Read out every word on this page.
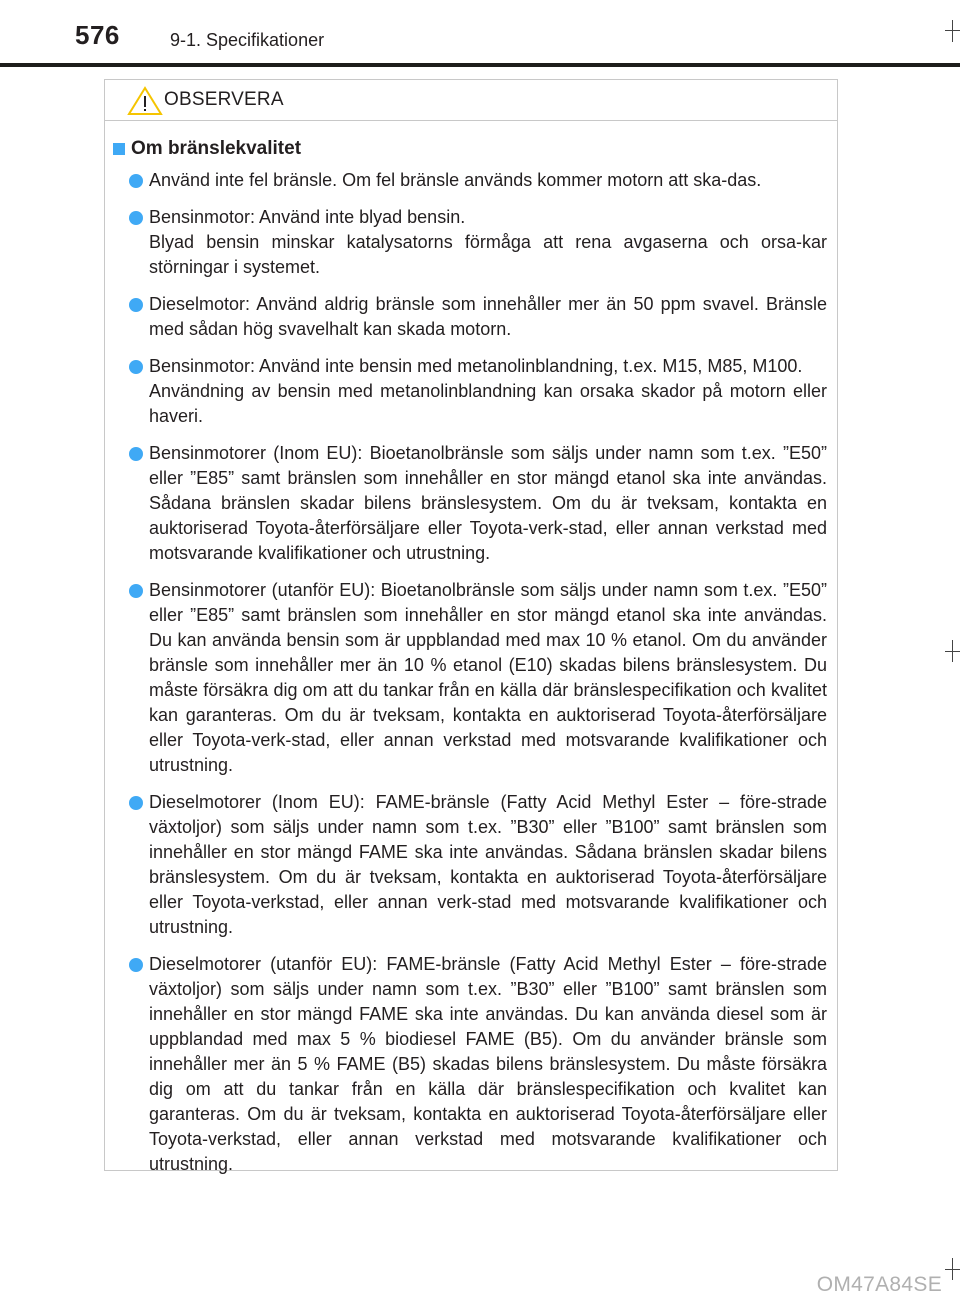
576	9-1. Specifikationer
OBSERVERA
Om bränslekvalitet
Använd inte fel bränsle. Om fel bränsle används kommer motorn att ska-das.
Bensinmotor: Använd inte blyad bensin.
Blyad bensin minskar katalysatorns förmåga att rena avgaserna och orsa-kar störningar i systemet.
Dieselmotor: Använd aldrig bränsle som innehåller mer än 50 ppm svavel. Bränsle med sådan hög svavelhalt kan skada motorn.
Bensinmotor: Använd inte bensin med metanolinblandning, t.ex. M15, M85, M100.
Användning av bensin med metanolinblandning kan orsaka skador på motorn eller haveri.
Bensinmotorer (Inom EU): Bioetanolbränsle som säljs under namn som t.ex. ”E50” eller ”E85” samt bränslen som innehåller en stor mängd etanol ska inte användas. Sådana bränslen skadar bilens bränslesystem. Om du är tveksam, kontakta en auktoriserad Toyota-återförsäljare eller Toyota-verk-stad, eller annan verkstad med motsvarande kvalifikationer och utrustning.
Bensinmotorer (utanför EU): Bioetanolbränsle som säljs under namn som t.ex. ”E50” eller ”E85” samt bränslen som innehåller en stor mängd etanol ska inte användas. Du kan använda bensin som är uppblandad med max 10 % etanol. Om du använder bränsle som innehåller mer än 10 % etanol (E10) skadas bilens bränslesystem. Du måste försäkra dig om att du tankar från en källa där bränslespecifikation och kvalitet kan garanteras. Om du är tveksam, kontakta en auktoriserad Toyota-återförsäljare eller Toyota-verk-stad, eller annan verkstad med motsvarande kvalifikationer och utrustning.
Dieselmotorer (Inom EU): FAME-bränsle (Fatty Acid Methyl Ester – före-strade växtoljor) som säljs under namn som t.ex. ”B30” eller ”B100” samt bränslen som innehåller en stor mängd FAME ska inte användas. Sådana bränslen skadar bilens bränslesystem. Om du är tveksam, kontakta en auktoriserad Toyota-återförsäljare eller Toyota-verkstad, eller annan verk-stad med motsvarande kvalifikationer och utrustning.
Dieselmotorer (utanför EU): FAME-bränsle (Fatty Acid Methyl Ester – före-strade växtoljor) som säljs under namn som t.ex. ”B30” eller ”B100” samt bränslen som innehåller en stor mängd FAME ska inte användas. Du kan använda diesel som är uppblandad med max 5 % biodiesel FAME (B5). Om du använder bränsle som innehåller mer än 5 % FAME (B5) skadas bilens bränslesystem. Du måste försäkra dig om att du tankar från en källa där bränslespecifikation och kvalitet kan garanteras. Om du är tveksam, kontakta en auktoriserad Toyota-återförsäljare eller Toyota-verkstad, eller annan verkstad med motsvarande kvalifikationer och utrustning.
OM47A84SE
